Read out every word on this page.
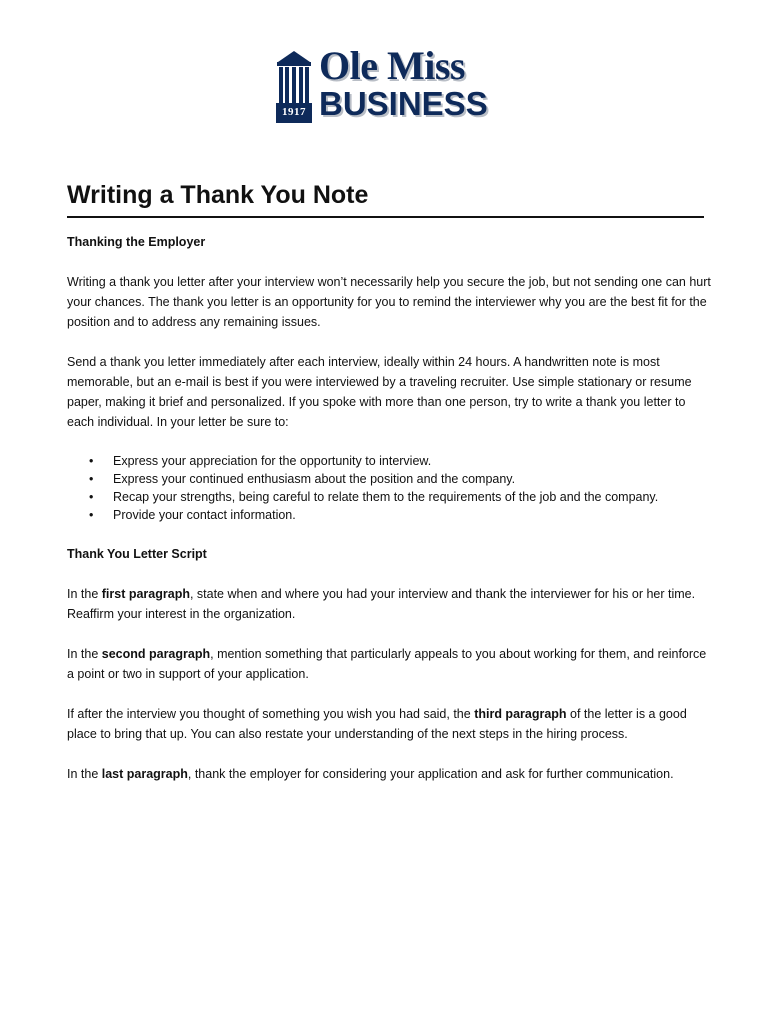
1917
Ole Miss
BUSINESS
Writing a Thank You Note

Thanking the Employer

Writing a thank you letter after your interview won’t necessarily help you secure the job, but not sending one can hurt your chances. The thank you letter is an opportunity for you to remind the interviewer why you are the best fit for the position and to address any remaining issues.

Send a thank you letter immediately after each interview, ideally within 24 hours. A handwritten note is most memorable, but an e-mail is best if you were interviewed by a traveling recruiter. Use simple stationary or resume paper, making it brief and personalized. If you spoke with more than one person, try to write a thank you letter to each individual. In your letter be sure to:

• Express your appreciation for the opportunity to interview.
• Express your continued enthusiasm about the position and the company.
• Recap your strengths, being careful to relate them to the requirements of the job and the company.
• Provide your contact information.

Thank You Letter Script

In the first paragraph, state when and where you had your interview and thank the interviewer for his or her time. Reaffirm your interest in the organization.

In the second paragraph, mention something that particularly appeals to you about working for them, and reinforce a point or two in support of your application.

If after the interview you thought of something you wish you had said, the third paragraph of the letter is a good place to bring that up. You can also restate your understanding of the next steps in the hiring process.

In the last paragraph, thank the employer for considering your application and ask for further communication.
